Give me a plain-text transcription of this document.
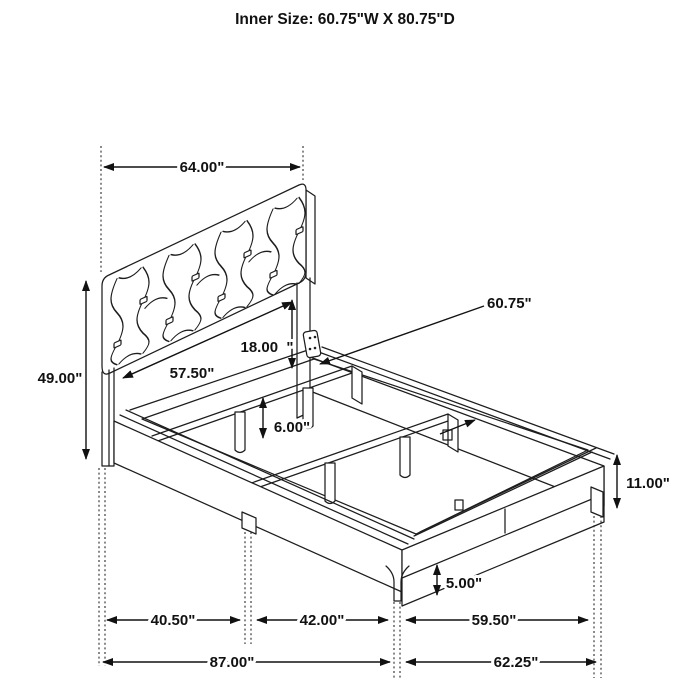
Inner Size: 60.75"W X 80.75"D
64.00"
49.00"	57.50"
18.00  "
60.75"
6.00"
11.00"
5.00"
40.50"	42.00"	59.50"
87.00"	62.25"
